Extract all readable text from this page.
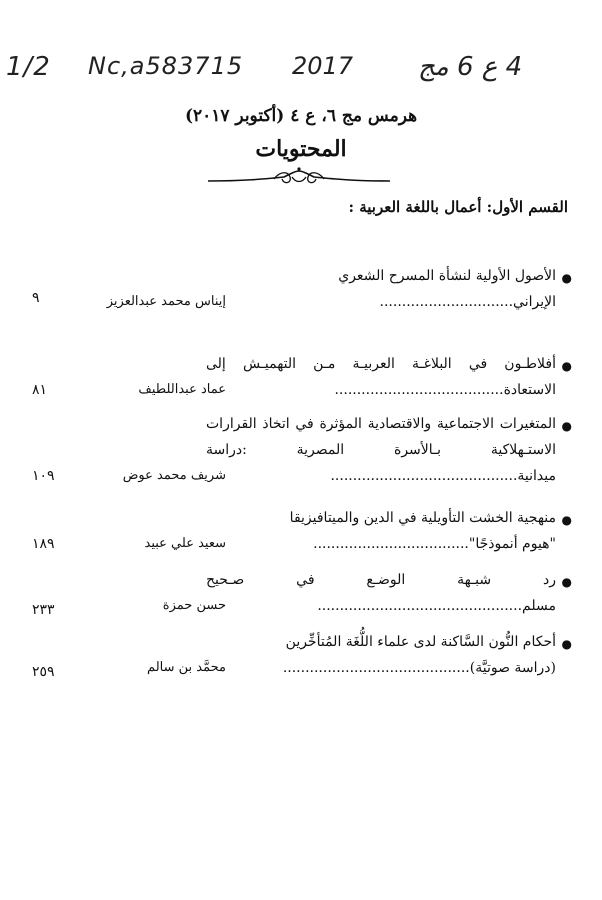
1/2 Nc,a583715 2017 4 ع 6 مج
هرمس مج ٦، ع ٤ (أكتوبر ٢٠١٧)
المحتويات
القسم الأول: أعمال باللغة العربية :
●
الأصول الأولية لنشأة المسرح الشعري
الإيراني..............................
إيناس محمد عبدالعزيز
٩
●
أفلاطـون في البلاغـة العربيـة مـن التهميـش إلى
الاستعادة......................................
عماد عبداللطيف
٨١
●
المتغيرات الاجتماعية والاقتصادية المؤثرة في اتخاذ القرارات
الاستـهلاكية بـالأسرة المصرية :دراسة
ميدانية..........................................
شريف محمد عوض
١٠٩
●
منهجية الخشت التأويلية في الدين والميتافيزيقا
"هيوم أنموذجًا"...................................
سعيد علي عبيد
١٨٩
●
رد شبـهة الوضـع في صـحيح
مسلم..............................................
حسن حمزة
٢٣٣
●
أحكام النُّون السَّاكنة لدى علماء اللُّغَة المُتأخِّرين
(دراسة صوتيَّة)..........................................
محمَّد بن سالم
٢٥٩
